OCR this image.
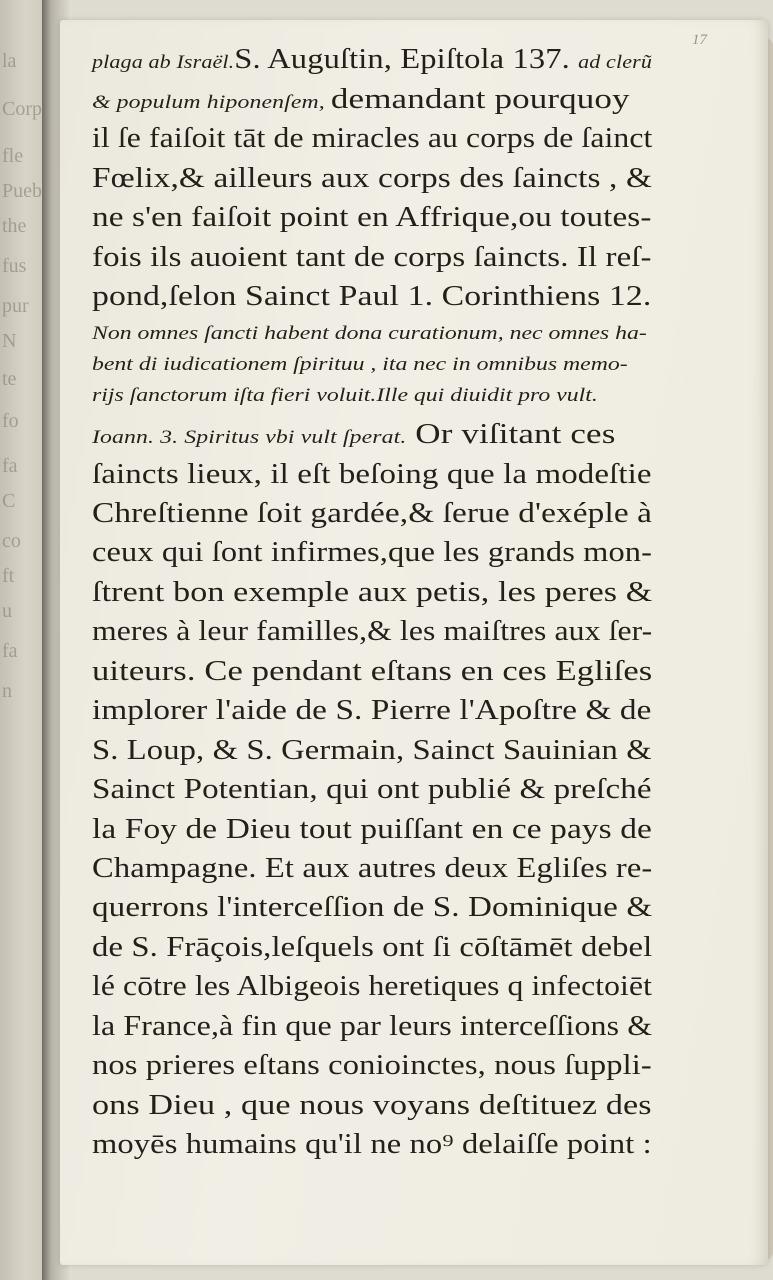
la
Corp
fle
Pueb
the
fus
pur
N
te
fo
fa
C
co
ft
u
fa
n
17
plaga ab Israël.S. Auguſtin, Epiſtola 137. ad clerũ
& populum hiponenſem, demandant pourquoy
il ſe faiſoit tāt de miracles au corps de ſainct
Fœlix,& ailleurs aux corps des ſaincts , &
ne s'en faiſoit point en Affrique,ou toutes-
fois ils auoient tant de corps ſaincts. Il reſ-
pond,ſelon Sainct Paul 1. Corinthiens 12.
Non omnes ſancti habent dona curationum, nec omnes ha-
bent di iudicationem ſpirituu , ita nec in omnibus memo-
rijs ſanctorum iſta fieri voluit.Ille qui diuidit pro vult.
Ioann. 3. Spiritus vbi vult ſperat. Or viſitant ces
ſaincts lieux, il eſt beſoing que la modeſtie
Chreſtienne ſoit gardée,& ſerue d'exéple à
ceux qui ſont infirmes,que les grands mon-
ſtrent bon exemple aux petis, les peres &
meres à leur familles,& les maiſtres aux ſer-
uiteurs. Ce pendant eſtans en ces Egliſes
implorer l'aide de S. Pierre l'Apoſtre & de
S. Loup, & S. Germain, Sainct Sauinian &
Sainct Potentian, qui ont publié & preſché
la Foy de Dieu tout puiſſant en ce pays de
Champagne. Et aux autres deux Egliſes re-
querrons l'interceſſion de S. Dominique &
de S. Frāçois,leſquels ont ſi cōſtāmēt debel
lé cōtre les Albigeois heretiques q infectoiēt
la France,à fin que par leurs interceſſions &
nos prieres eſtans conioinctes, nous ſuppli-
ons Dieu , que nous voyans deſtituez des
moyēs humains qu'il ne no⁹ delaiſſe point :
